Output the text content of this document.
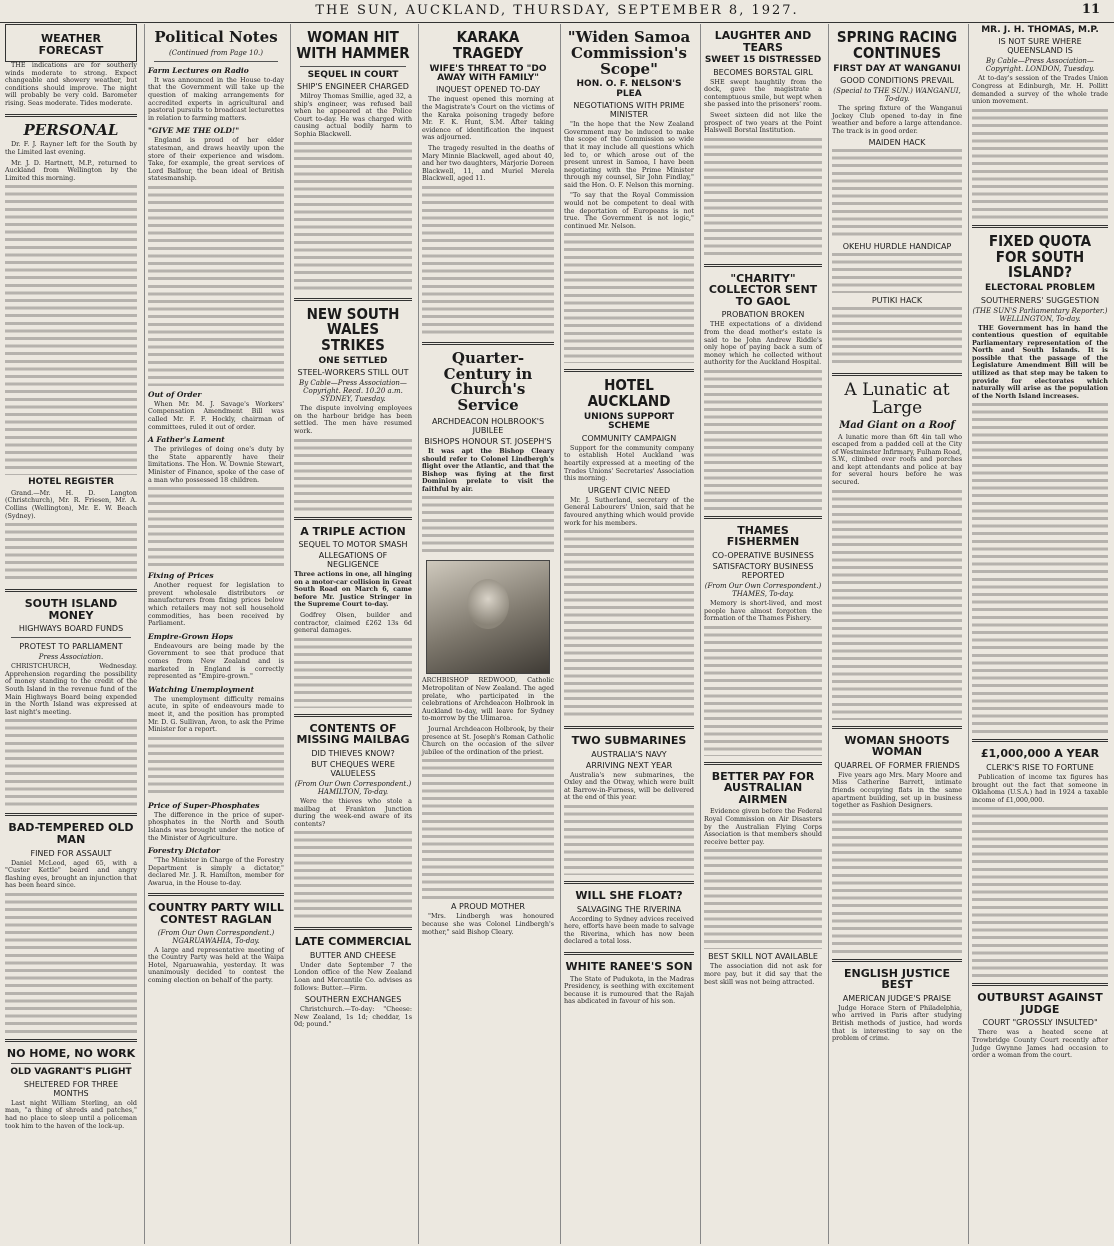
THE SUN, AUCKLAND, THURSDAY, SEPTEMBER 8, 1927.	11
WEATHER FORECAST

THE indications are for southerly winds moderate to strong. Expect changeable and showery weather, but conditions should improve. The night will probably be very cold. Barometer rising. Seas moderate. Tides moderate.

PERSONAL

Dr. F. J. Rayner left for the South by the Limited last evening.

Mr. J. D. Hartnett, M.P., returned to Auckland from Wellington by the Limited this morning.

HOTEL REGISTER

Grand.—Mr. H. D. Langton (Christchurch), Mr. R. Friesen, Mr. A. Collins (Wellington), Mr. E. W. Beach (Sydney).

SOUTH ISLAND MONEY
HIGHWAYS BOARD FUNDS
PROTEST TO PARLIAMENT
Press Association.

CHRISTCHURCH, Wednesday. Apprehension regarding the possibility of money standing to the credit of the South Island in the revenue fund of the Main Highways Board being expended in the North Island was expressed at last night's meeting.

BAD-TEMPERED OLD MAN
FINED FOR ASSAULT

Daniel McLeod, aged 65, with a "Custer Kettle" beard and angry flashing eyes, brought an injunction that has been heard since.

NO HOME, NO WORK
OLD VAGRANT'S PLIGHT
SHELTERED FOR THREE MONTHS

Last night William Sterling, an old man, "a thing of shreds and patches," had no place to sleep until a policeman took him to the haven of the lock-up.

Political Notes
(Continued from Page 10.)
Farm Lectures on Radio

It was announced in the House to-day that the Government will take up the question of making arrangements for accredited experts in agricultural and pastoral pursuits to broadcast lecturettes in relation to farming matters.

"GIVE ME THE OLD!"

England is proud of her elder statesman, and draws heavily upon the store of their experience and wisdom. Take, for example, the great services of Lord Balfour, the bean ideal of British statesmanship.

Out of Order

When Mr. M. J. Savage's Workers' Compensation Amendment Bill was called Mr. F. F. Hockly, chairman of committees, ruled it out of order.

A Father's Lament

The privileges of doing one's duty by the State apparently have their limitations. The Hon. W. Downie Stewart, Minister of Finance, spoke of the case of a man who possessed 18 children.

Fixing of Prices

Another request for legislation to prevent wholesale distributors or manufacturers from fixing prices below which retailers may not sell household commodities, has been received by Parliament.

Empire-Grown Hops

Endeavours are being made by the Government to see that produce that comes from New Zealand and is marketed in England is correctly represented as "Empire-grown."

Watching Unemployment

The unemployment difficulty remains acute, in spite of endeavours made to meet it, and the position has prompted Mr. D. G. Sullivan, Avon, to ask the Prime Minister for a report.

Price of Super-Phosphates

The difference in the price of super-phosphates in the North and South Islands was brought under the notice of the Minister of Agriculture.

Forestry Dictator

"The Minister in Charge of the Forestry Department is simply a dictator," declared Mr. J. R. Hamilton, member for Awarua, in the House to-day.

COUNTRY PARTY WILL CONTEST RAGLAN
(From Our Own Correspondent.) NGARUAWAHIA, To-day.

A large and representative meeting of the Country Party was held at the Waipa Hotel, Ngaruawahia, yesterday. It was unanimously decided to contest the coming election on behalf of the party.

WOMAN HIT WITH HAMMER
SEQUEL IN COURT
SHIP'S ENGINEER CHARGED

Milroy Thomas Smillie, aged 32, a ship's engineer, was refused bail when he appeared at the Police Court to-day. He was charged with causing actual bodily harm to Sophia Blackwell.

NEW SOUTH WALES STRIKES
ONE SETTLED
STEEL-WORKERS STILL OUT
By Cable—Press Association—Copyright. Recd. 10.20 a.m. SYDNEY, Tuesday.

The dispute involving employees on the harbour bridge has been settled. The men have resumed work.

A TRIPLE ACTION
SEQUEL TO MOTOR SMASH
ALLEGATIONS OF NEGLIGENCE

Three actions in one, all hinging on a motor-car collision in Great South Road on March 6, came before Mr. Justice Stringer in the Supreme Court to-day.

Godfrey Olsen, builder and contractor, claimed £262 13s 6d general damages.

CONTENTS OF MISSING MAILBAG
DID THIEVES KNOW?
BUT CHEQUES WERE VALUELESS
(From Our Own Correspondent.) HAMILTON, To-day.

Were the thieves who stole a mailbag at Frankton Junction during the week-end aware of its contents?

LATE COMMERCIAL
BUTTER AND CHEESE

Under date September 7 the London office of the New Zealand Loan and Mercantile Co. advises as follows: Butter.—Firm.

SOUTHERN EXCHANGES

Christchurch.—To-day: "Cheese: New Zealand, 1s 1d; cheddar, 1s 0d; pound."

KARAKA TRAGEDY
WIFE'S THREAT TO "DO AWAY WITH FAMILY"
INQUEST OPENED TO-DAY

The inquest opened this morning at the Magistrate's Court on the victims of the Karaka poisoning tragedy before Mr. F. K. Hunt, S.M. After taking evidence of identification the inquest was adjourned.

The tragedy resulted in the deaths of Mary Minnie Blackwell, aged about 40, and her two daughters, Marjorie Doreen Blackwell, 11, and Muriel Merela Blackwell, aged 11.

Quarter-Century in Church's Service
ARCHDEACON HOLBROOK'S JUBILEE
BISHOPS HONOUR ST. JOSEPH'S

It was apt the Bishop Cleary should refer to Colonel Lindbergh's flight over the Atlantic, and that the Bishop was fiying at the first Dominion prelate to visit the faithful by air.

ARCHBISHOP REDWOOD, Catholic Metropolitan of New Zealand. The aged prelate, who participated in the celebrations of Archdeacon Holbrook in Auckland to-day, will leave for Sydney to-morrow by the Ulimaroa.

Journal Archdeacon Holbrook, by their presence at St. Joseph's Roman Catholic Church on the occasion of the silver jubilee of the ordination of the priest.

A PROUD MOTHER

"Mrs. Lindbergh was honoured because she was Colonel Lindbergh's mother," said Bishop Cleary.

"Widen Samoa Commission's Scope"
HON. O. F. NELSON'S PLEA
NEGOTIATIONS WITH PRIME MINISTER

"In the hope that the New Zealand Government may be induced to make the scope of the Commission so wide that it may include all questions which led to, or which arose out of the present unrest in Samoa, I have been negotiating with the Prime Minister through my counsel, Sir John Findlay," said the Hon. O. F. Nelson this morning.

"To say that the Royal Commission would not be competent to deal with the deportation of Europeans is not true. The Government is not logic," continued Mr. Nelson.

HOTEL AUCKLAND
UNIONS SUPPORT SCHEME
COMMUNITY CAMPAIGN

Support for the community company to establish Hotel Auckland was heartily expressed at a meeting of the Trades Unions' Secretaries' Association this morning.

URGENT CIVIC NEED

Mr. J. Sutherland, secretary of the General Labourers' Union, said that he favoured anything which would provide work for his members.

TWO SUBMARINES
AUSTRALIA'S NAVY
ARRIVING NEXT YEAR

Australia's new submarines, the Oxley and the Otway, which were built at Barrow-in-Furness, will be delivered at the end of this year.

WILL SHE FLOAT?
SALVAGING THE RIVERINA

According to Sydney advices received here, efforts have been made to salvage the Riverina, which has now been declared a total loss.

WHITE RANEE'S SON

The State of Pudukota, in the Madras Presidency, is seething with excitement because it is rumoured that the Rajah has abdicated in favour of his son.

LAUGHTER AND TEARS
SWEET 15 DISTRESSED
BECOMES BORSTAL GIRL

SHE swept haughtily from the dock, gave the magistrate a contemptuous smile, but wept when she passed into the prisoners' room.

Sweet sixteen did not like the prospect of two years at the Point Halswell Borstal Institution.

"CHARITY" COLLECTOR SENT TO GAOL
PROBATION BROKEN

THE expectations of a dividend from the dead mother's estate is said to be John Andrew Riddle's only hope of paying back a sum of money which he collected without authority for the Auckland Hospital.

THAMES FISHERMEN
CO-OPERATIVE BUSINESS
SATISFACTORY BUSINESS REPORTED
(From Our Own Correspondent.) THAMES, To-day.

Memory is short-lived, and most people have almost forgotten the formation of the Thames Fishery.

BETTER PAY FOR AUSTRALIAN AIRMEN

Evidence given before the Federal Royal Commission on Air Disasters by the Australian Flying Corps Association is that members should receive better pay.

BEST SKILL NOT AVAILABLE

The association did not ask for more pay, but it did say that the best skill was not being attracted.

SPRING RACING CONTINUES
FIRST DAY AT WANGANUI
GOOD CONDITIONS PREVAIL
(Special to THE SUN.) WANGANUI, To-day.

The spring fixture of the Wanganui Jockey Club opened to-day in fine weather and before a large attendance. The track is in good order.

MAIDEN HACK

OKEHU HURDLE HANDICAP

PUTIKI HACK

A Lunatic at Large
Mad Giant on a Roof

A lunatic more than 6ft 4in tall who escaped from a padded cell at the City of Westminster Infirmary, Fulham Road, S.W., climbed over roofs and porches and kept attendants and police at bay for several hours before he was secured.

WOMAN SHOOTS WOMAN
QUARREL OF FORMER FRIENDS

Five years ago Mrs. Mary Moore and Miss Catherine Barrett, intimate friends occupying flats in the same apartment building, set up in business together as Fashion Designers.

ENGLISH JUSTICE BEST
AMERICAN JUDGE'S PRAISE

Judge Horace Stern of Philadelphia, who arrived in Paris after studying British methods of justice, had words that is interesting to say on the problem of crime.

MR. J. H. THOMAS, M.P.
IS NOT SURE WHERE QUEENSLAND IS
By Cable—Press Association—Copyright. LONDON, Tuesday.

At to-day's session of the Trades Union Congress at Edinburgh, Mr. H. Pollitt demanded a survey of the whole trade union movement.

FIXED QUOTA FOR SOUTH ISLAND?
ELECTORAL PROBLEM
SOUTHERNERS' SUGGESTION
(THE SUN'S Parliamentary Reporter.) WELLINGTON, To-day.

THE Government has in hand the contentious question of equitable Parliamentary representation of the North and South Islands. It is possible that the passage of the Legislature Amendment Bill will be utilized as that step may be taken to provide for electorates which naturally will arise as the population of the North Island increases.

£1,000,000 A YEAR
CLERK'S RISE TO FORTUNE

Publication of income tax figures has brought out the fact that someone in Oklahoma (U.S.A.) had in 1924 a taxable income of £1,000,000.

OUTBURST AGAINST JUDGE
COURT "GROSSLY INSULTED"

There was a heated scene at Trowbridge County Court recently after Judge Gwynne James had occasion to order a woman from the court.
